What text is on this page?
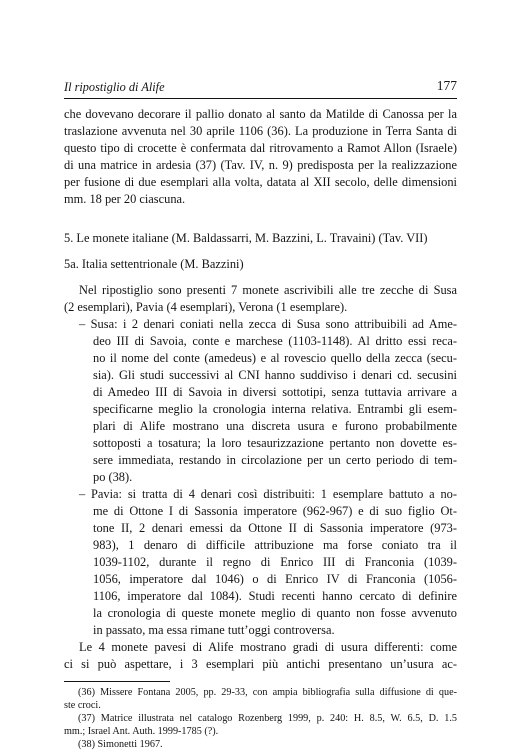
Il ripostiglio di Alife	177
che dovevano decorare il pallio donato al santo da Matilde di Canossa per la
traslazione avvenuta nel 30 aprile 1106 (36). La produzione in Terra Santa di
questo tipo di crocette è confermata dal ritrovamento a Ramot Allon (Israele)
di una matrice in ardesia (37) (Tav. IV, n. 9) predisposta per la realizzazione
per fusione di due esemplari alla volta, datata al XII secolo, delle dimensioni
mm. 18 per 20 ciascuna.
5. Le monete italiane (M. Baldassarri, M. Bazzini, L. Travaini) (Tav. VII)
5a. Italia settentrionale (M. Bazzini)
Nel ripostiglio sono presenti 7 monete ascrivibili alle tre zecche di Susa
(2 esemplari), Pavia (4 esemplari), Verona (1 esemplare).
– Susa: i 2 denari coniati nella zecca di Susa sono attribuibili ad Ame-
deo III di Savoia, conte e marchese (1103-1148). Al dritto essi reca-
no il nome del conte (amedeus) e al rovescio quello della zecca (secu-
sia). Gli studi successivi al CNI hanno suddiviso i denari cd. secusini
di Amedeo III di Savoia in diversi sottotipi, senza tuttavia arrivare a
specificarne meglio la cronologia interna relativa. Entrambi gli esem-
plari di Alife mostrano una discreta usura e furono probabilmente
sottoposti a tosatura; la loro tesaurizzazione pertanto non dovette es-
sere immediata, restando in circolazione per un certo periodo di tem-
po (38).
– Pavia: si tratta di 4 denari così distribuiti: 1 esemplare battuto a no-
me di Ottone I di Sassonia imperatore (962-967) e di suo figlio Ot-
tone II, 2 denari emessi da Ottone II di Sassonia imperatore (973-
983), 1 denaro di difficile attribuzione ma forse coniato tra il
1039-1102, durante il regno di Enrico III di Franconia (1039-
1056, imperatore dal 1046) o di Enrico IV di Franconia (1056-
1106, imperatore dal 1084). Studi recenti hanno cercato di definire
la cronologia di queste monete meglio di quanto non fosse avvenuto
in passato, ma essa rimane tutt’oggi controversa.
Le 4 monete pavesi di Alife mostrano gradi di usura differenti: come
ci si può aspettare, i 3 esemplari più antichi presentano un’usura ac-
(36) Missere Fontana 2005, pp. 29-33, con ampia bibliografia sulla diffusione di que-
ste croci.
(37) Matrice illustrata nel catalogo Rozenberg 1999, p. 240: H. 8.5, W. 6.5, D. 1.5
mm.; Israel Ant. Auth. 1999-1785 (?).
(38) Simonetti 1967.
